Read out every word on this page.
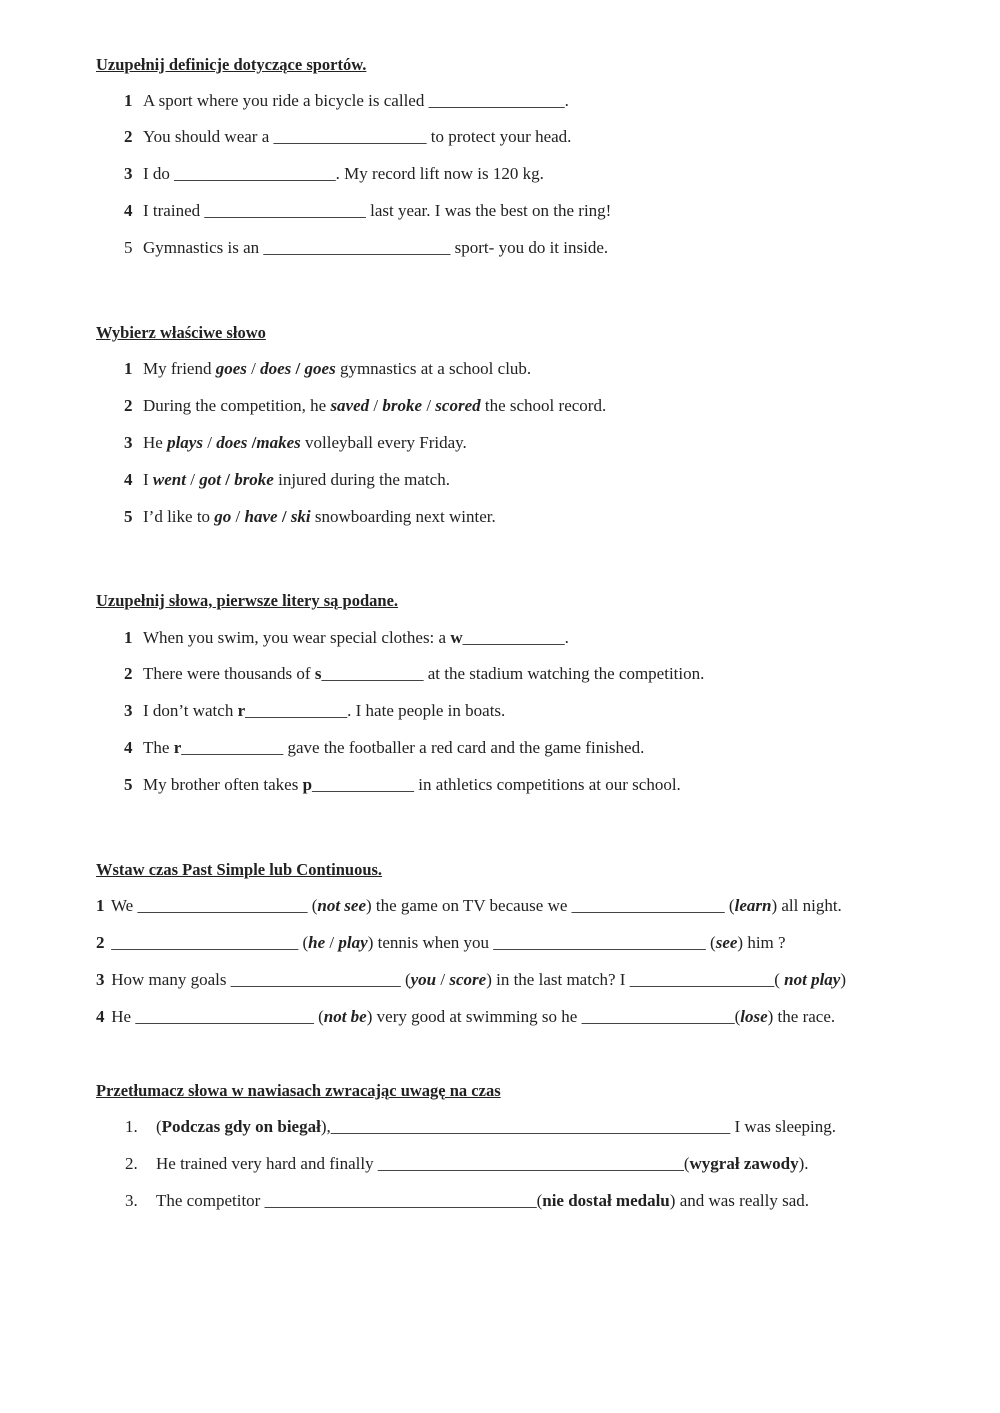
Uzupełnij definicje dotyczące sportów.
1 A sport where you ride a bicycle is called ________________.
2 You should wear a __________________ to protect your head.
3 I do ___________________. My record lift now is 120 kg.
4 I trained ___________________ last year. I was the best on the ring!
5 Gymnastics is an ______________________ sport- you do it inside.
Wybierz właściwe słowo
1 My friend goes / does / goes gymnastics at a school club.
2 During the competition, he saved / broke / scored the school record.
3 He plays / does /makes volleyball every Friday.
4 I went / got / broke injured during the match.
5 I’d like to go / have / ski snowboarding next winter.
Uzupełnij słowa, pierwsze litery są podane.
1 When you swim, you wear special clothes: a w____________.
2 There were thousands of s____________ at the stadium watching the competition.
3 I don’t watch r____________. I hate people in boats.
4 The r____________ gave the footballer a red card and the game finished.
5 My brother often takes p____________ in athletics competitions at our school.
Wstaw czas Past Simple lub Continuous.
1 We ____________________ (not see) the game on TV because we __________________ (learn) all night.
2 ______________________ (he / play) tennis when you _________________________ (see) him ?
3 How many goals ____________________ (you / score) in the last match? I _________________( not play)
4 He _____________________ (not be) very good at swimming so he __________________(lose) the race.
Przetłumacz słowa w nawiasach zwracając uwagę na czas
1. (Podczas gdy on biegał),_______________________________________________ I was sleeping.
2. He trained very hard and finally ____________________________________(wygrał zawody).
3. The competitor ________________________________(nie dostał medalu) and was really sad.
